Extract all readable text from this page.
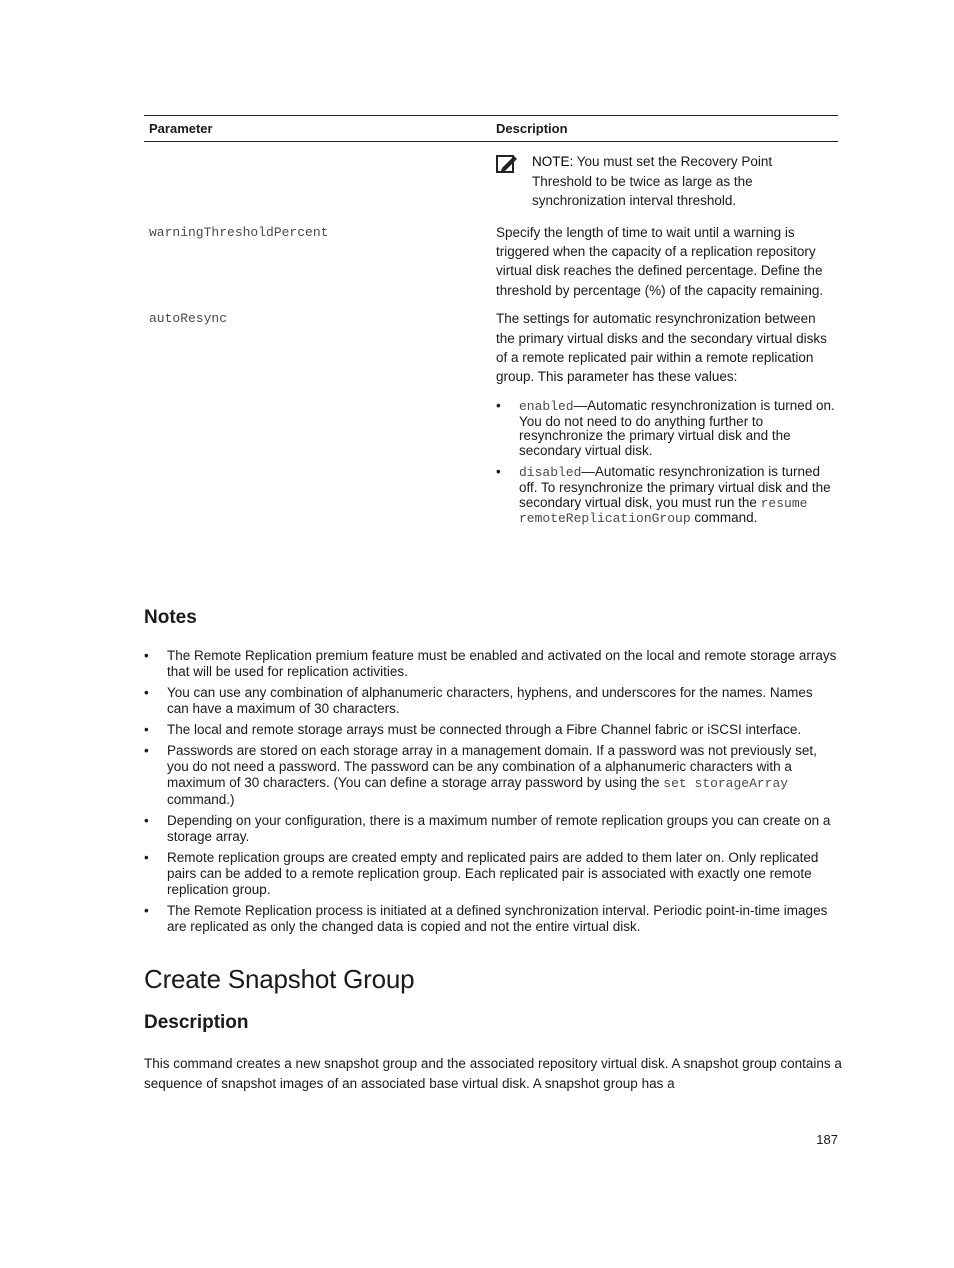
Parameter	Description
NOTE: You must set the Recovery Point Threshold to be twice as large as the synchronization interval threshold.
warningThresholdPercent	Specify the length of time to wait until a warning is triggered when the capacity of a replication repository virtual disk reaches the defined percentage. Define the threshold by percentage (%) of the capacity remaining.

autoResync	The settings for automatic resynchronization between the primary virtual disks and the secondary virtual disks of a remote replicated pair within a remote replication group. This parameter has these values:

• enabled—Automatic resynchronization is turned on. You do not need to do anything further to resynchronize the primary virtual disk and the secondary virtual disk.
• disabled—Automatic resynchronization is turned off. To resynchronize the primary virtual disk and the secondary virtual disk, you must run the resume remoteReplicationGroup command.
Notes
• The Remote Replication premium feature must be enabled and activated on the local and remote storage arrays that will be used for replication activities.
• You can use any combination of alphanumeric characters, hyphens, and underscores for the names. Names can have a maximum of 30 characters.
• The local and remote storage arrays must be connected through a Fibre Channel fabric or iSCSI interface.
• Passwords are stored on each storage array in a management domain. If a password was not previously set, you do not need a password. The password can be any combination of a alphanumeric characters with a maximum of 30 characters. (You can define a storage array password by using the set storageArray command.)
• Depending on your configuration, there is a maximum number of remote replication groups you can create on a storage array.
• Remote replication groups are created empty and replicated pairs are added to them later on. Only replicated pairs can be added to a remote replication group. Each replicated pair is associated with exactly one remote replication group.
• The Remote Replication process is initiated at a defined synchronization interval. Periodic point-in-time images are replicated as only the changed data is copied and not the entire virtual disk.
Create Snapshot Group
Description

This command creates a new snapshot group and the associated repository virtual disk. A snapshot group contains a sequence of snapshot images of an associated base virtual disk. A snapshot group has a

187
